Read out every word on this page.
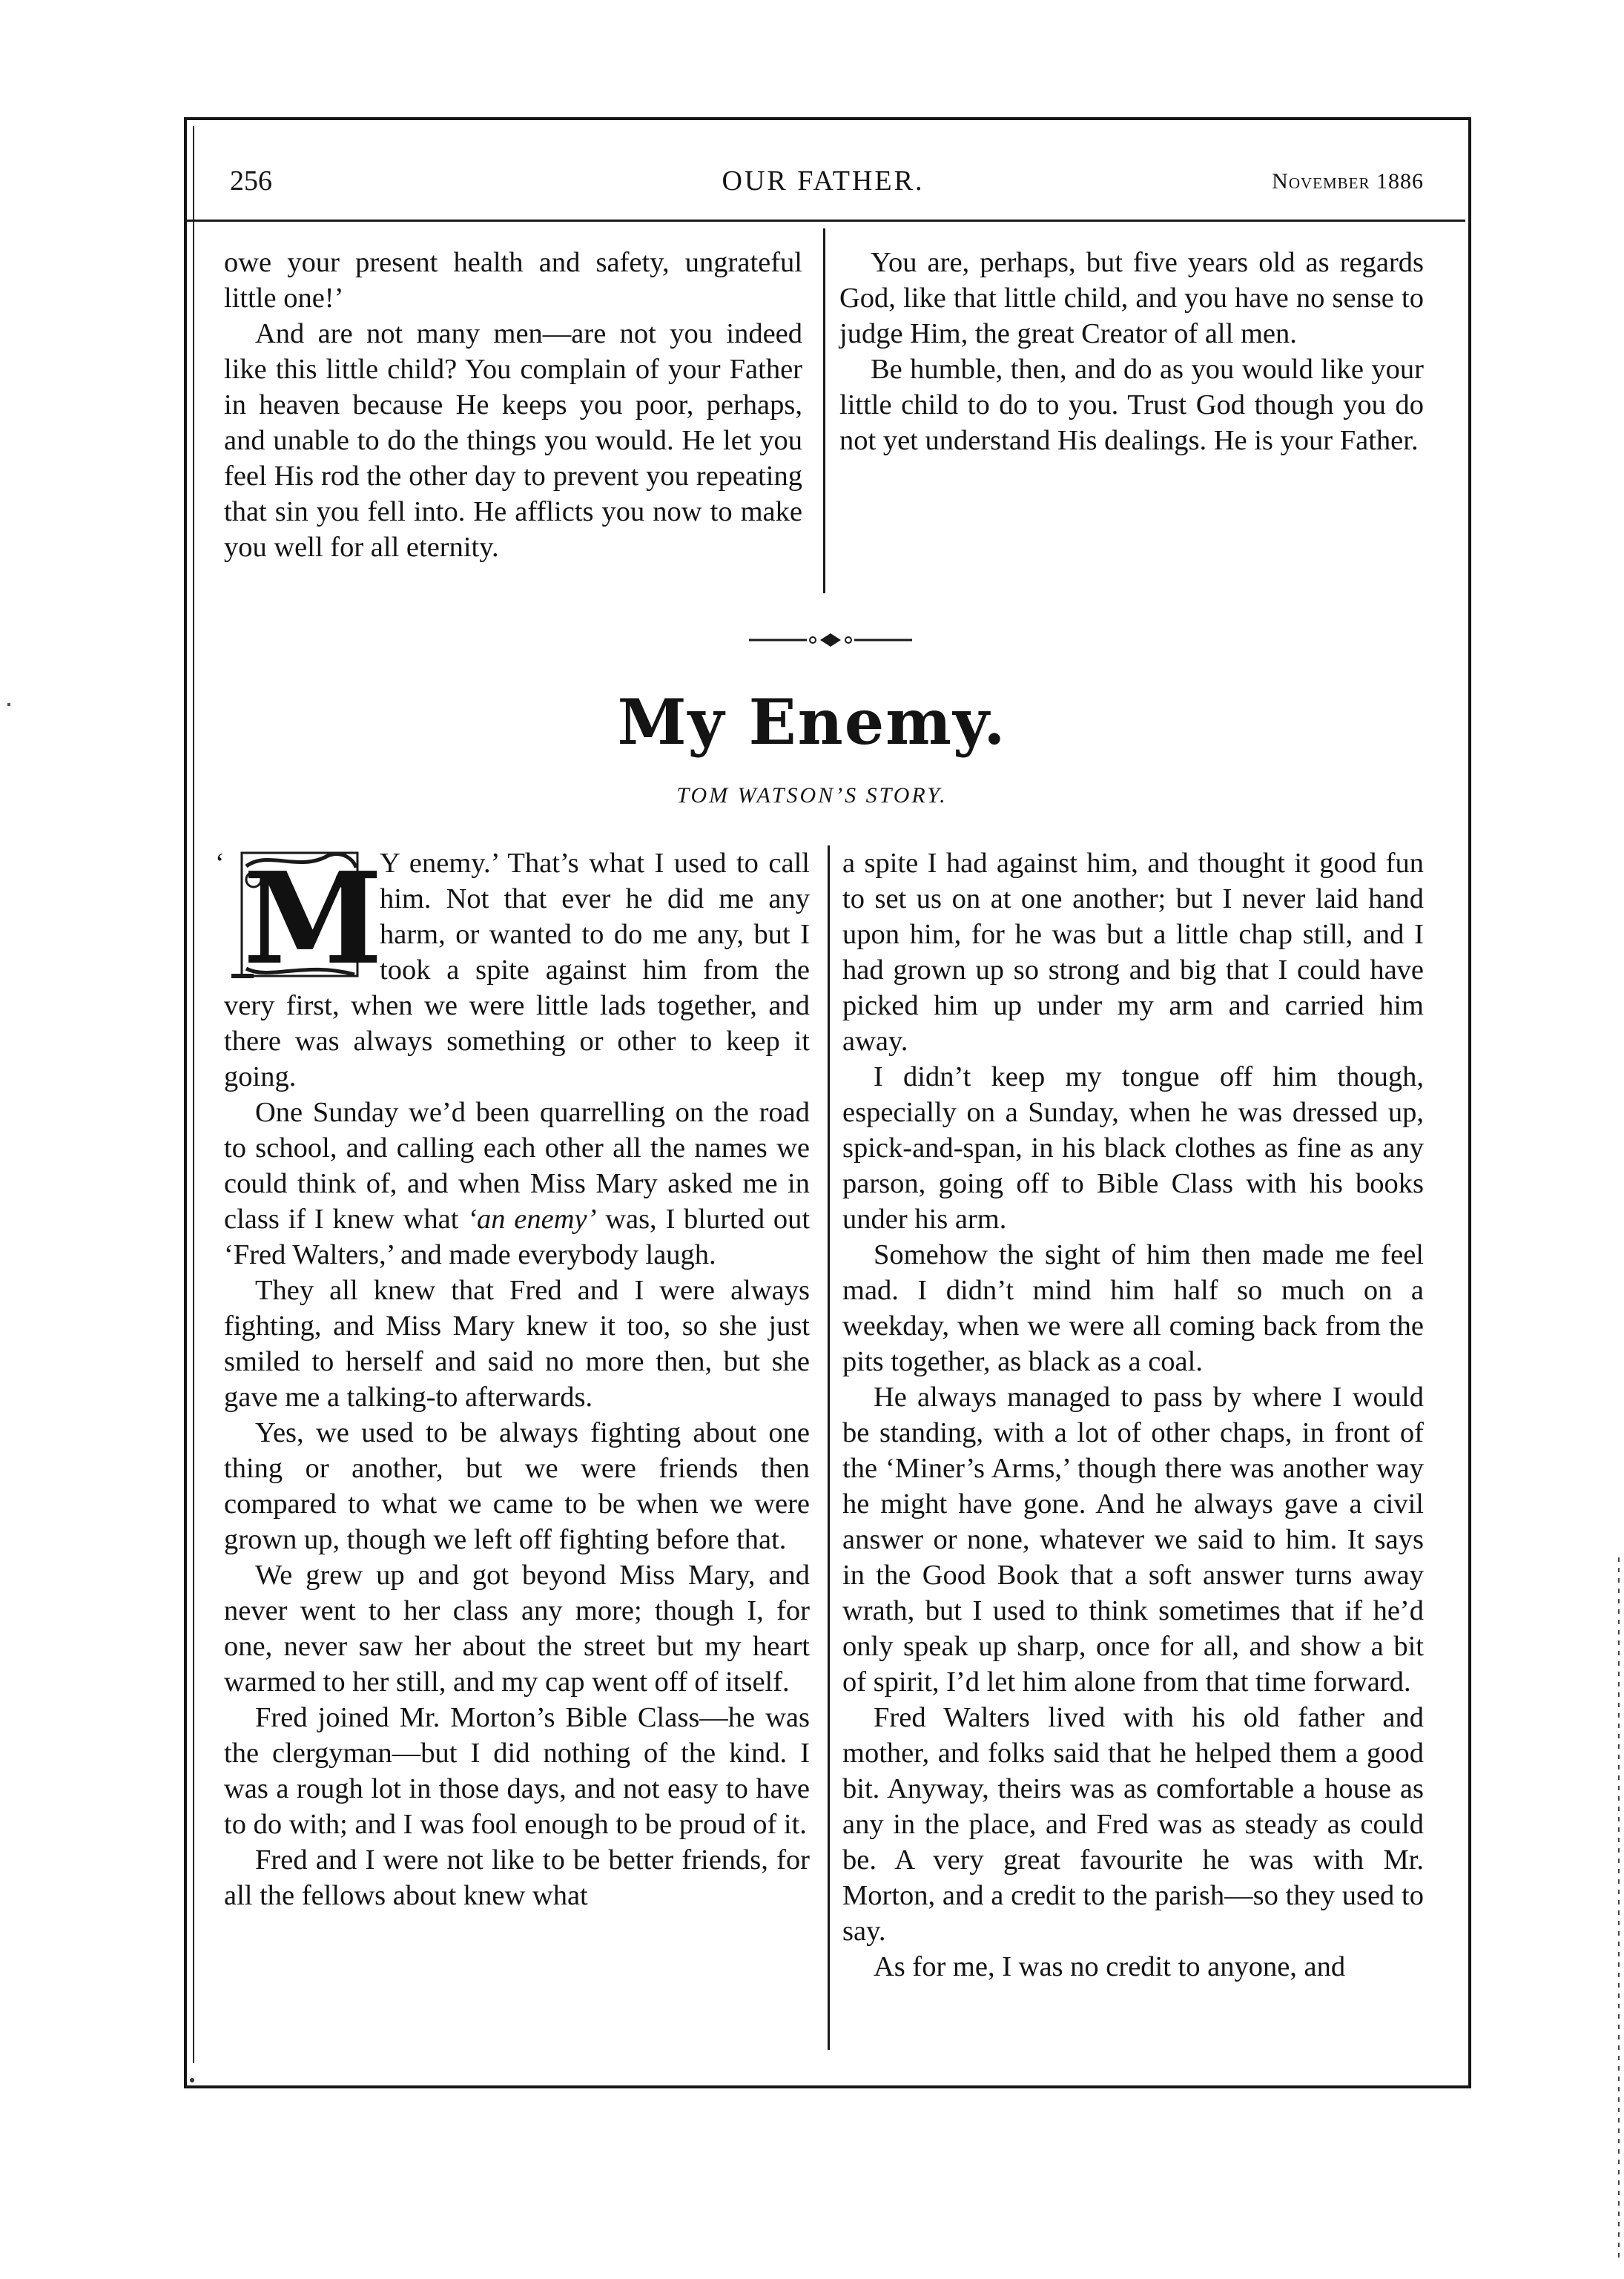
256	OUR FATHER.	November 1886

owe your present health and safety, ungrateful little one!’

And are not many men—are not you indeed like this little child? You complain of your Father in heaven because He keeps you poor, perhaps, and unable to do the things you would. He let you feel His rod the other day to prevent you repeating that sin you fell into. He afflicts you now to make you well for all eternity.

You are, perhaps, but five years old as regards God, like that little child, and you have no sense to judge Him, the great Creator of all men.

Be humble, then, and do as you would like your little child to do to you. Trust God though you do not yet understand His dealings. He is your Father.

My Enemy.
TOM WATSON’S STORY.
‘ M

Y enemy.’ That’s what I used to call him. Not that ever he did me any harm, or wanted to do me any, but I took a spite against him from the very first, when we were little lads together, and there was always something or other to keep it going.

One Sunday we’d been quarrelling on the road to school, and calling each other all the names we could think of, and when Miss Mary asked me in class if I knew what ‘an enemy’ was, I blurted out ‘Fred Walters,’ and made everybody laugh.

They all knew that Fred and I were always fighting, and Miss Mary knew it too, so she just smiled to herself and said no more then, but she gave me a talking-to afterwards.

Yes, we used to be always fighting about one thing or another, but we were friends then compared to what we came to be when we were grown up, though we left off fighting before that.

We grew up and got beyond Miss Mary, and never went to her class any more; though I, for one, never saw her about the street but my heart warmed to her still, and my cap went off of itself.

Fred joined Mr. Morton’s Bible Class—he was the clergyman—but I did nothing of the kind. I was a rough lot in those days, and not easy to have to do with; and I was fool enough to be proud of it.

Fred and I were not like to be better friends, for all the fellows about knew what

a spite I had against him, and thought it good fun to set us on at one another; but I never laid hand upon him, for he was but a little chap still, and I had grown up so strong and big that I could have picked him up under my arm and carried him away.

I didn’t keep my tongue off him though, especially on a Sunday, when he was dressed up, spick-and-span, in his black clothes as fine as any parson, going off to Bible Class with his books under his arm.

Somehow the sight of him then made me feel mad. I didn’t mind him half so much on a weekday, when we were all coming back from the pits together, as black as a coal.

He always managed to pass by where I would be standing, with a lot of other chaps, in front of the ‘Miner’s Arms,’ though there was another way he might have gone. And he always gave a civil answer or none, whatever we said to him. It says in the Good Book that a soft answer turns away wrath, but I used to think sometimes that if he’d only speak up sharp, once for all, and show a bit of spirit, I’d let him alone from that time forward.

Fred Walters lived with his old father and mother, and folks said that he helped them a good bit. Anyway, theirs was as comfortable a house as any in the place, and Fred was as steady as could be. A very great favourite he was with Mr. Morton, and a credit to the parish—so they used to say.

As for me, I was no credit to anyone, and
